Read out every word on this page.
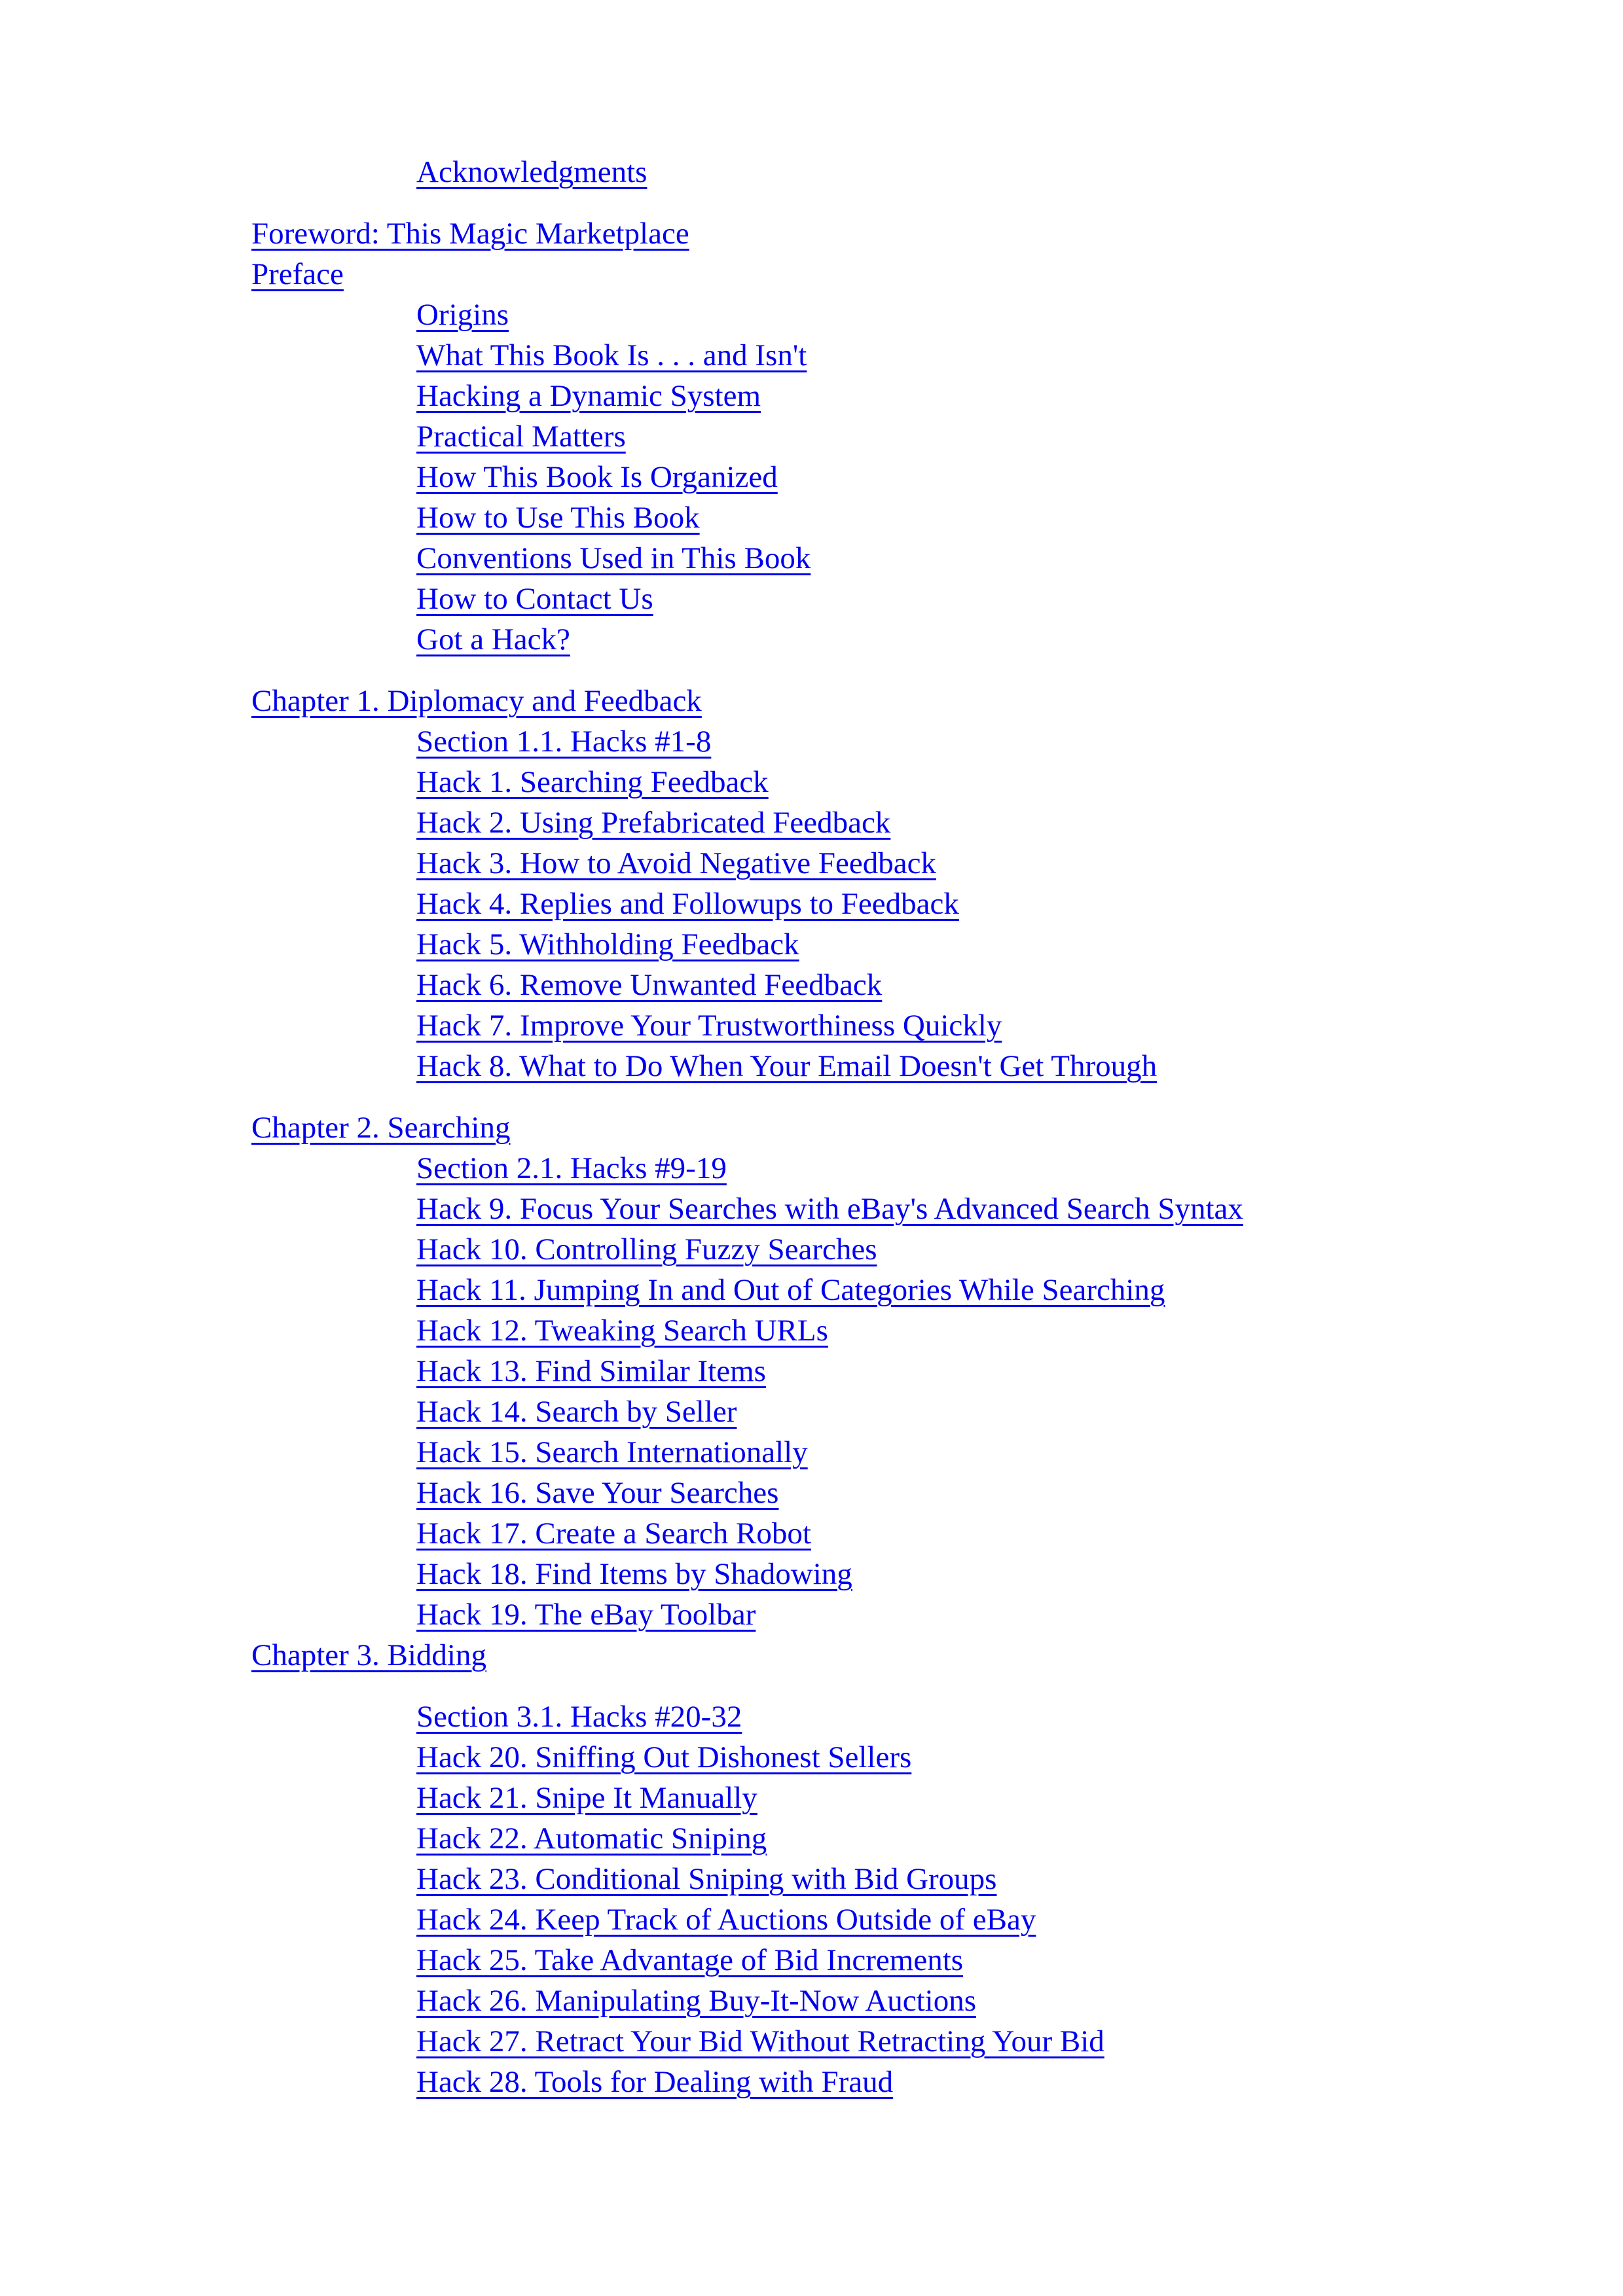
Acknowledgments
Foreword: This Magic Marketplace
Preface
Origins
What This Book Is . . . and Isn't
Hacking a Dynamic System
Practical Matters
How This Book Is Organized
How to Use This Book
Conventions Used in This Book
How to Contact Us
Got a Hack?
Chapter 1. Diplomacy and Feedback
Section 1.1. Hacks #1-8
Hack 1. Searching Feedback
Hack 2. Using Prefabricated Feedback
Hack 3. How to Avoid Negative Feedback
Hack 4. Replies and Followups to Feedback
Hack 5. Withholding Feedback
Hack 6. Remove Unwanted Feedback
Hack 7. Improve Your Trustworthiness Quickly
Hack 8. What to Do When Your Email Doesn't Get Through
Chapter 2. Searching
Section 2.1. Hacks #9-19
Hack 9. Focus Your Searches with eBay's Advanced Search Syntax
Hack 10. Controlling Fuzzy Searches
Hack 11. Jumping In and Out of Categories While Searching
Hack 12. Tweaking Search URLs
Hack 13. Find Similar Items
Hack 14. Search by Seller
Hack 15. Search Internationally
Hack 16. Save Your Searches
Hack 17. Create a Search Robot
Hack 18. Find Items by Shadowing
Hack 19. The eBay Toolbar
Chapter 3. Bidding
Section 3.1. Hacks #20-32
Hack 20. Sniffing Out Dishonest Sellers
Hack 21. Snipe It Manually
Hack 22. Automatic Sniping
Hack 23. Conditional Sniping with Bid Groups
Hack 24. Keep Track of Auctions Outside of eBay
Hack 25. Take Advantage of Bid Increments
Hack 26. Manipulating Buy-It-Now Auctions
Hack 27. Retract Your Bid Without Retracting Your Bid
Hack 28. Tools for Dealing with Fraud
